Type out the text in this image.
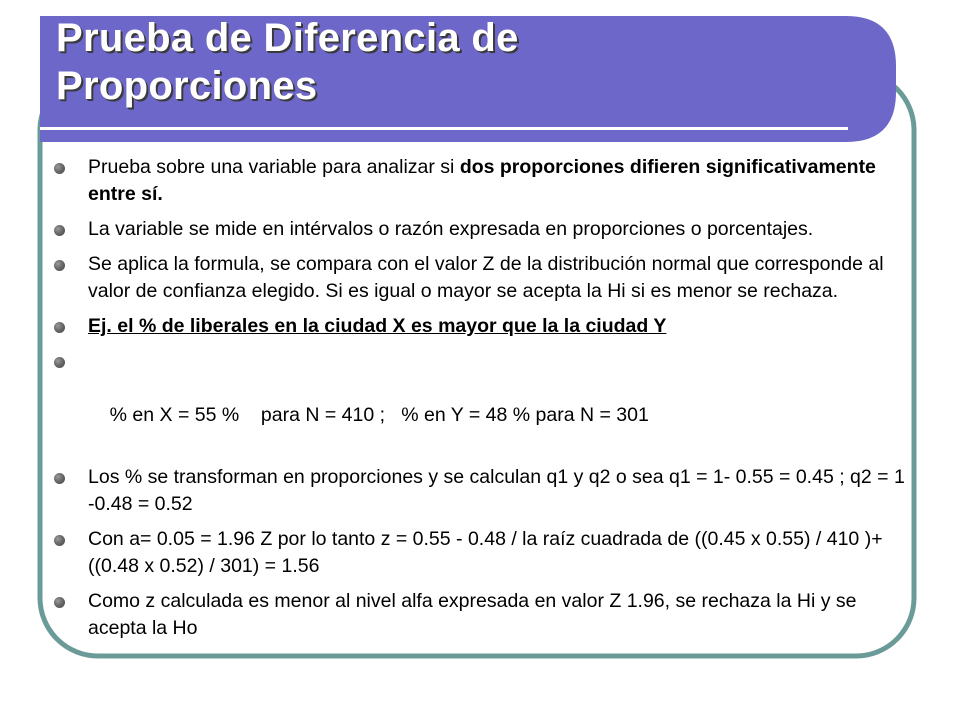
Prueba de Diferencia de
Proporciones
Prueba sobre una variable para analizar si dos proporciones difieren significativamente entre sí.
La variable se mide en intérvalos o razón expresada en proporciones o porcentajes.
Se aplica la formula, se compara con el valor Z de la distribución normal que corresponde al valor de confianza elegido. Si es igual o mayor se acepta la Hi si es menor se rechaza.
Ej. el % de liberales en la ciudad X es mayor que la la ciudad Y

% en X = 55 %    para N = 410 ;   % en Y = 48 % para N = 301

Los % se transforman en proporciones y se calculan q1 y q2 o sea q1 = 1- 0.55 = 0.45 ; q2 = 1 -0.48 = 0.52
Con a= 0.05 = 1.96 Z por lo tanto z = 0.55 - 0.48 / la raíz cuadrada de ((0.45 x 0.55) / 410 )+ ((0.48 x 0.52) / 301) = 1.56
Como z calculada es menor al nivel alfa expresada en valor Z 1.96, se rechaza la Hi y se acepta la Ho
